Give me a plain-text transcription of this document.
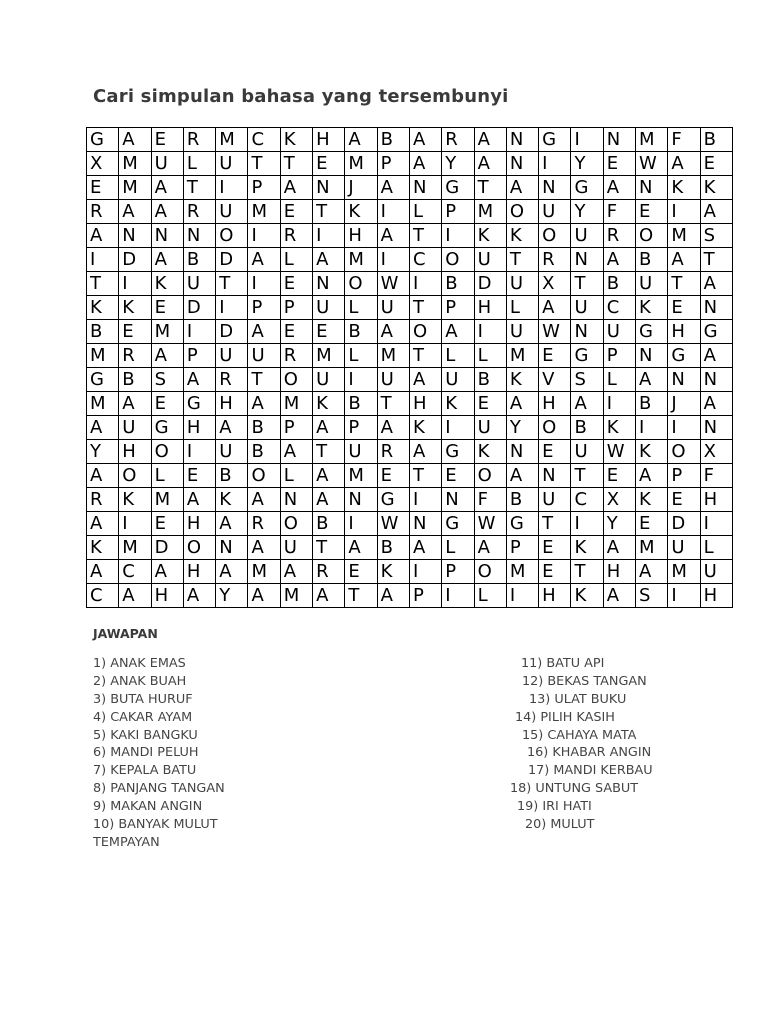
Cari simpulan bahasa yang tersembunyi
G	A	E	R	M	C	K	H	A	B	A	R	A	N	G	I	N	M	F	B
X	M	U	L	U	T	T	E	M	P	A	Y	A	N	I	Y	E	W	A	E
E	M	A	T	I	P	A	N	J	A	N	G	T	A	N	G	A	N	K	K
R	A	A	R	U	M	E	T	K	I	L	P	M	O	U	Y	F	E	I	A
A	N	N	N	O	I	R	I	H	A	T	I	K	K	O	U	R	O	M	S
I	D	A	B	D	A	L	A	M	I	C	O	U	T	R	N	A	B	A	T
T	I	K	U	T	I	E	N	O	W	I	B	D	U	X	T	B	U	T	A
K	K	E	D	I	P	P	U	L	U	T	P	H	L	A	U	C	K	E	N
B	E	M	I	D	A	E	E	B	A	O	A	I	U	W	N	U	G	H	G
M	R	A	P	U	U	R	M	L	M	T	L	L	M	E	G	P	N	G	A
G	B	S	A	R	T	O	U	I	U	A	U	B	K	V	S	L	A	N	N
M	A	E	G	H	A	M	K	B	T	H	K	E	A	H	A	I	B	J	A
A	U	G	H	A	B	P	A	P	A	K	I	U	Y	O	B	K	I	I	N
Y	H	O	I	U	B	A	T	U	R	A	G	K	N	E	U	W	K	O	X
A	O	L	E	B	O	L	A	M	E	T	E	O	A	N	T	E	A	P	F
R	K	M	A	K	A	N	A	N	G	I	N	F	B	U	C	X	K	E	H
A	I	E	H	A	R	O	B	I	W	N	G	W	G	T	I	Y	E	D	I
K	M	D	O	N	A	U	T	A	B	A	L	A	P	E	K	A	M	U	L
A	C	A	H	A	M	A	R	E	K	I	P	O	M	E	T	H	A	M	U
C	A	H	A	Y	A	M	A	T	A	P	I	L	I	H	K	A	S	I	H
JAWAPAN
1) ANAK EMAS
2) ANAK BUAH
3) BUTA HURUF
4) CAKAR AYAM
5) KAKI BANGKU
6) MANDI PELUH
7) KEPALA BATU
8) PANJANG TANGAN
9) MAKAN ANGIN
10) BANYAK MULUT TEMPAYAN
11) BATU API
12) BEKAS TANGAN
13) ULAT BUKU
14) PILIH KASIH
15) CAHAYA MATA
16) KHABAR ANGIN
17) MANDI KERBAU
18) UNTUNG SABUT
19) IRI HATI
20) MULUT
